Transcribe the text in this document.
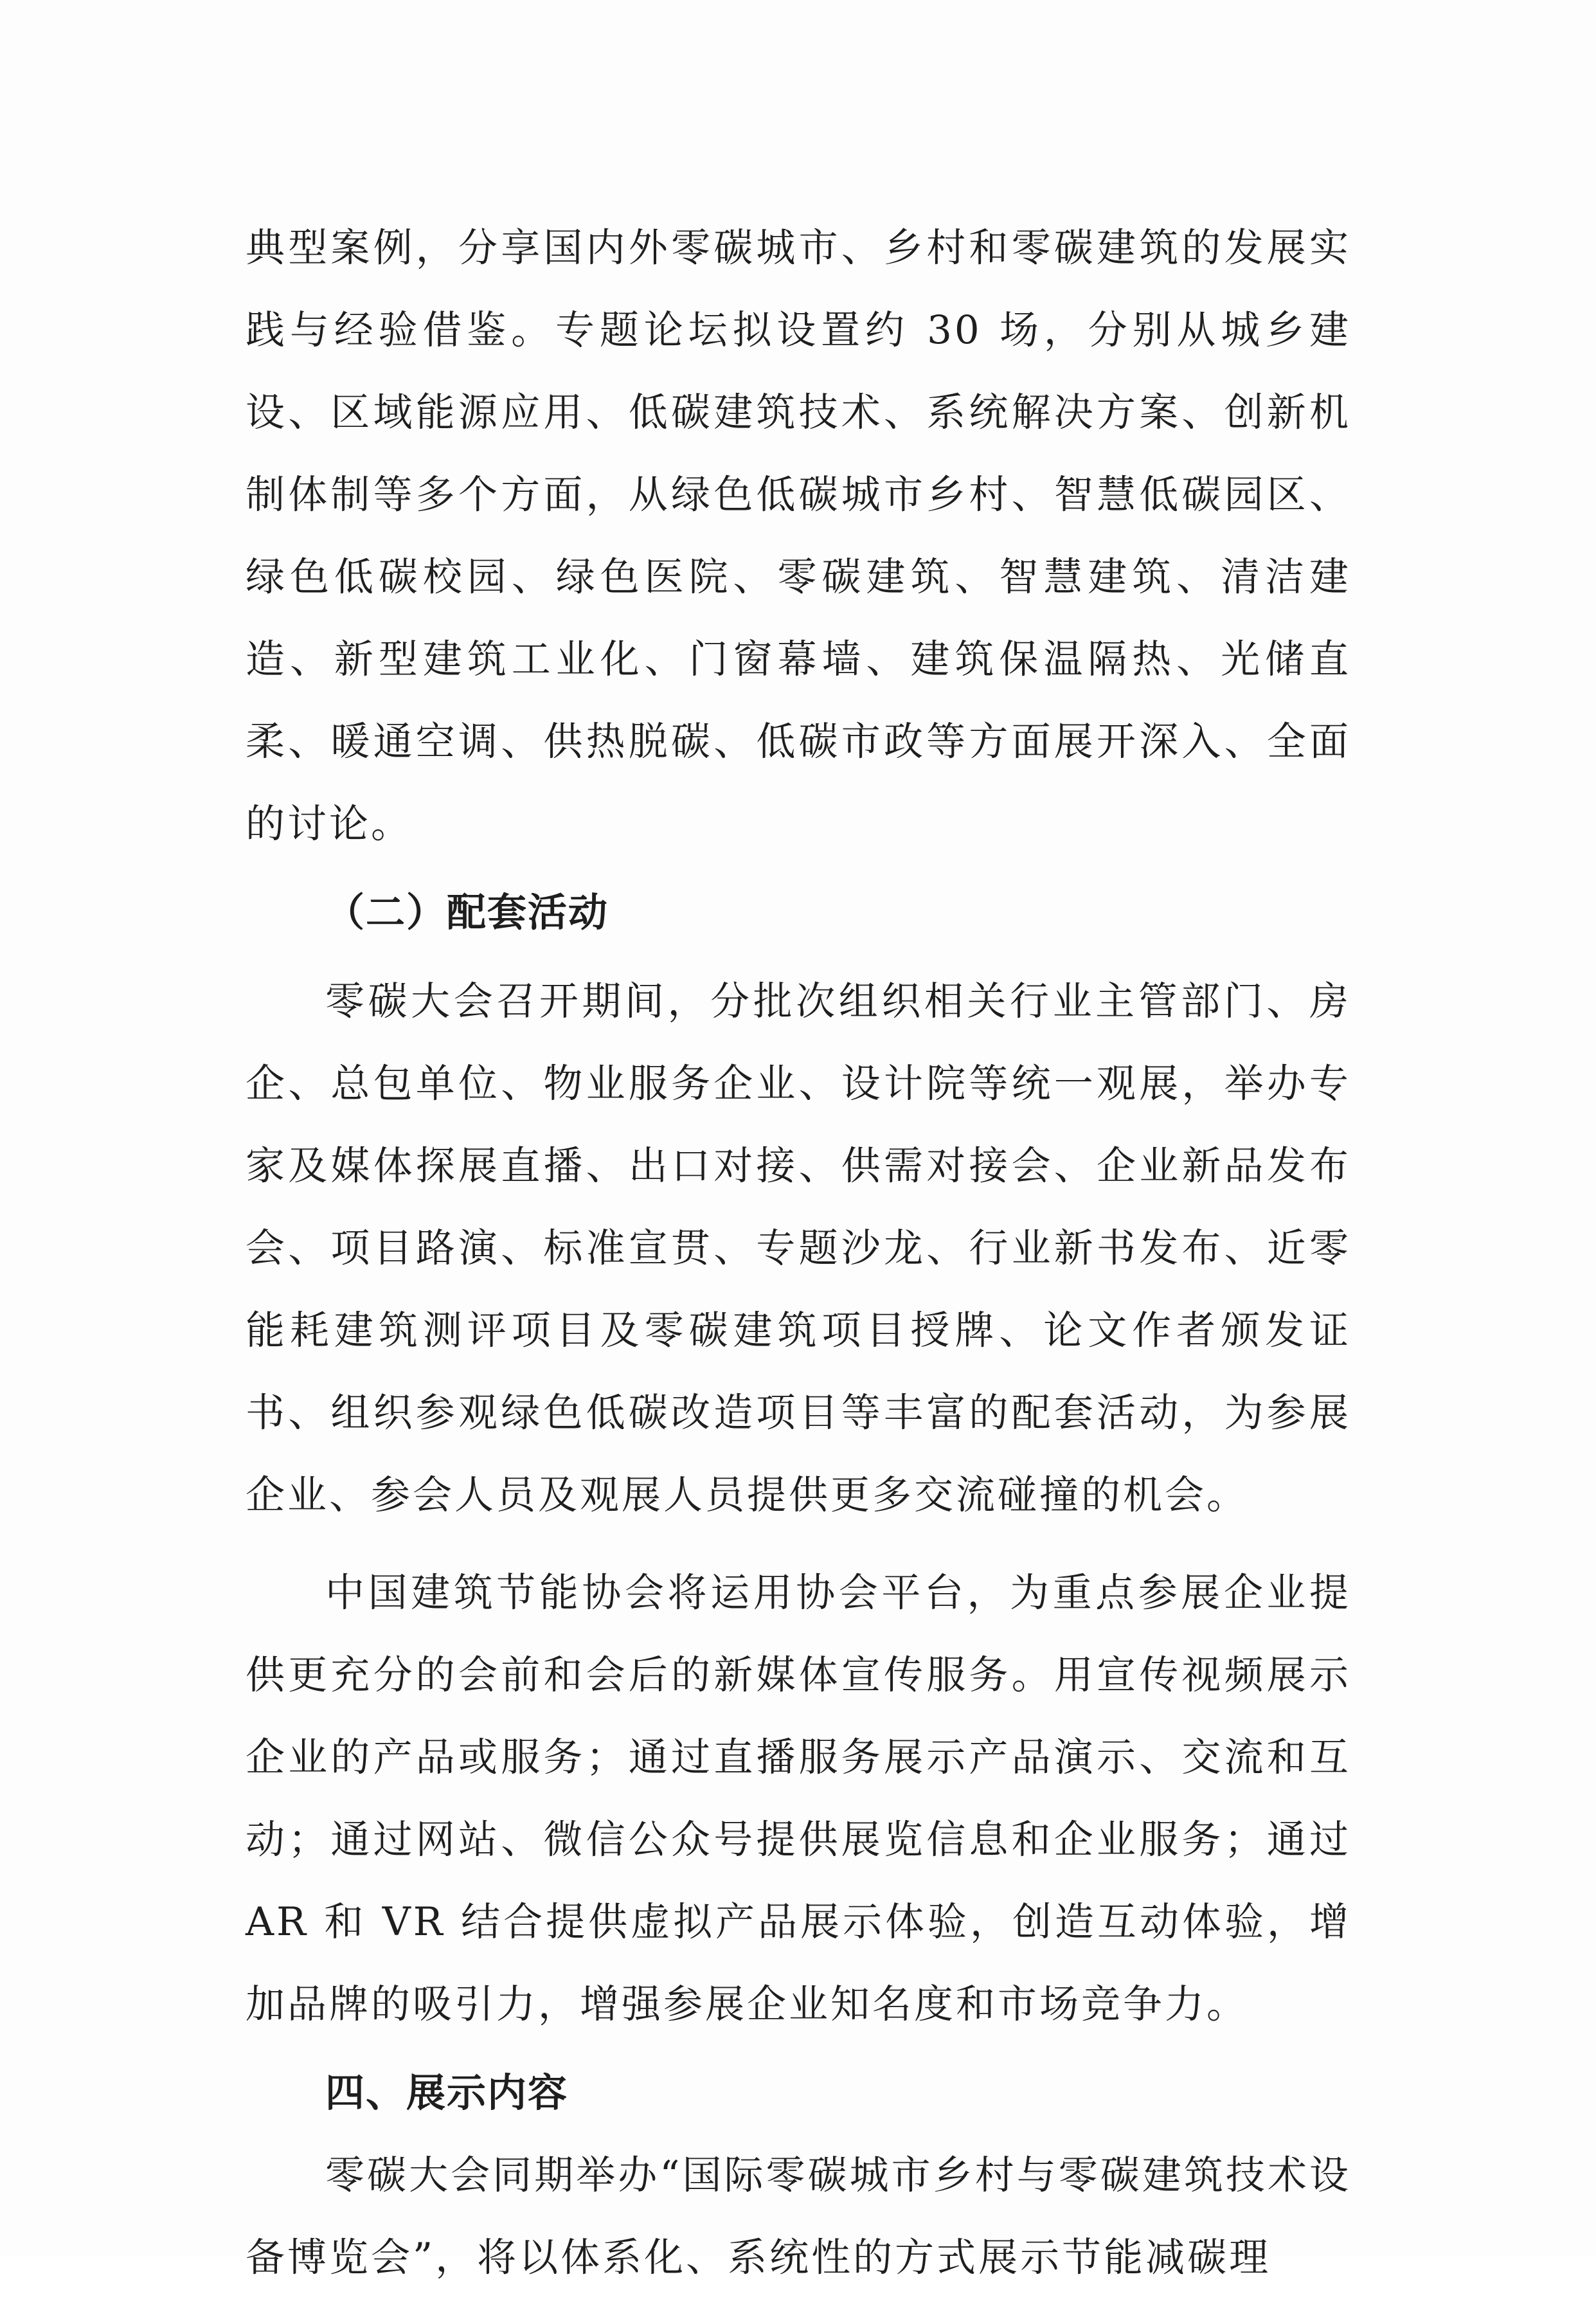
典型案例，分享国内外零碳城市、乡村和零碳建筑的发展实践与经验借鉴。专题论坛拟设置约 30 场，分别从城乡建设、区域能源应用、低碳建筑技术、系统解决方案、创新机制体制等多个方面，从绿色低碳城市乡村、智慧低碳园区、绿色低碳校园、绿色医院、零碳建筑、智慧建筑、清洁建造、新型建筑工业化、门窗幕墙、建筑保温隔热、光储直柔、暖通空调、供热脱碳、低碳市政等方面展开深入、全面的讨论。

（二）配套活动

零碳大会召开期间，分批次组织相关行业主管部门、房企、总包单位、物业服务企业、设计院等统一观展，举办专家及媒体探展直播、出口对接、供需对接会、企业新品发布会、项目路演、标准宣贯、专题沙龙、行业新书发布、近零能耗建筑测评项目及零碳建筑项目授牌、论文作者颁发证书、组织参观绿色低碳改造项目等丰富的配套活动，为参展企业、参会人员及观展人员提供更多交流碰撞的机会。

中国建筑节能协会将运用协会平台，为重点参展企业提供更充分的会前和会后的新媒体宣传服务。用宣传视频展示企业的产品或服务；通过直播服务展示产品演示、交流和互动；通过网站、微信公众号提供展览信息和企业服务；通过 AR 和 VR 结合提供虚拟产品展示体验，创造互动体验，增加品牌的吸引力，增强参展企业知名度和市场竞争力。

四、展示内容

零碳大会同期举办“国际零碳城市乡村与零碳建筑技术设备博览会”，将以体系化、系统性的方式展示节能减碳理
